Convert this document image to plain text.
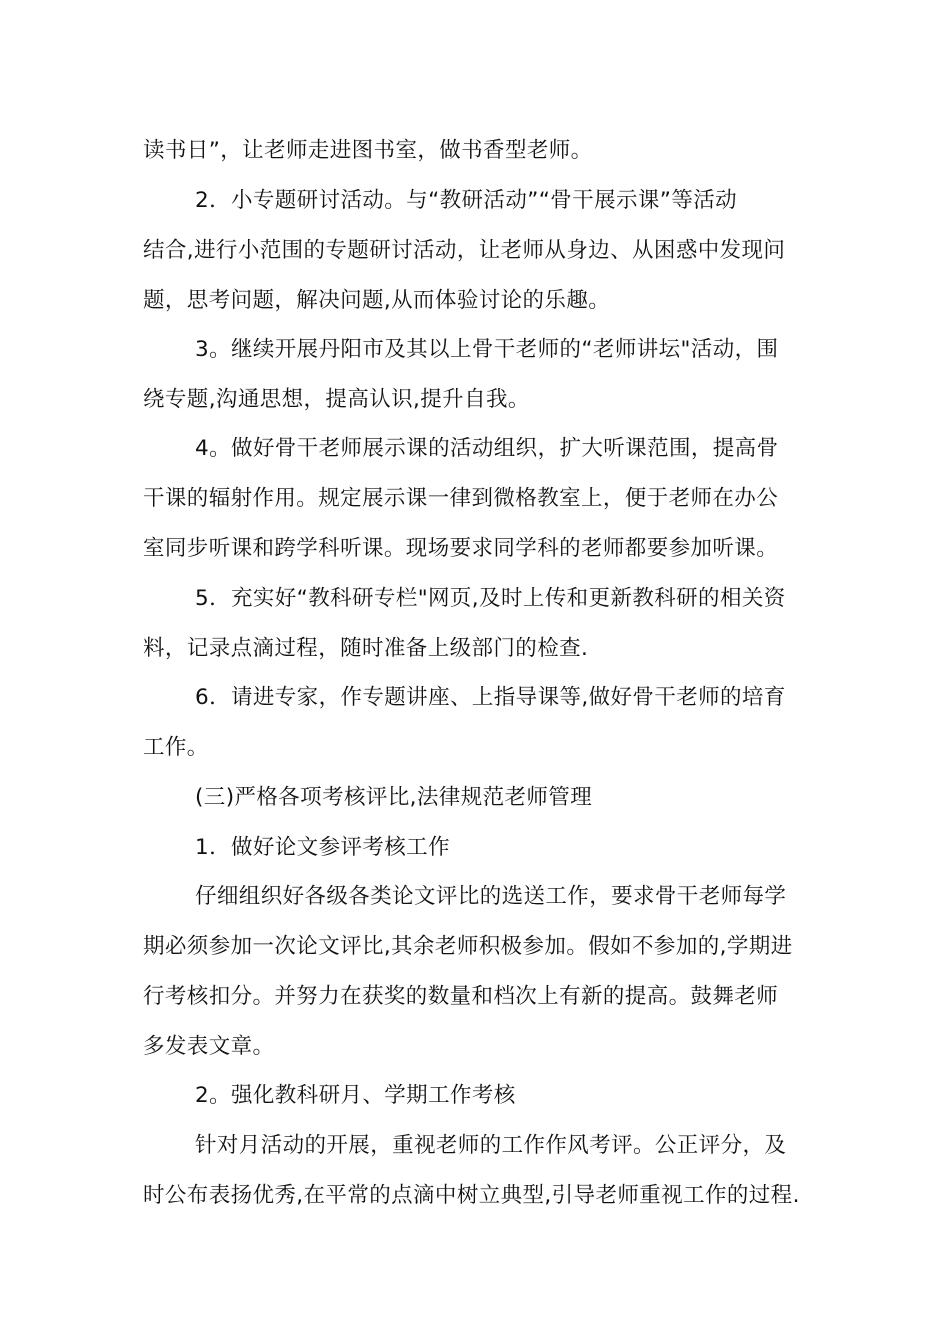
读书日”，让老师走进图书室，做书香型老师。
2．小专题研讨活动。与“教研活动”“骨干展示课”等活动
结合,进行小范围的专题研讨活动，让老师从身边、从困惑中发现问
题，思考问题，解决问题,从而体验讨论的乐趣。
3。继续开展丹阳市及其以上骨干老师的“老师讲坛"活动，围
绕专题,沟通思想，提高认识,提升自我。
4。做好骨干老师展示课的活动组织，扩大听课范围，提高骨
干课的辐射作用。规定展示课一律到微格教室上，便于老师在办公
室同步听课和跨学科听课。现场要求同学科的老师都要参加听课。
5．充实好“教科研专栏"网页,及时上传和更新教科研的相关资
料，记录点滴过程，随时准备上级部门的检查.
6．请进专家，作专题讲座、上指导课等,做好骨干老师的培育
工作。
(三)严格各项考核评比,法律规范老师管理
1．做好论文参评考核工作
仔细组织好各级各类论文评比的选送工作，要求骨干老师每学
期必须参加一次论文评比,其余老师积极参加。假如不参加的,学期进
行考核扣分。并努力在获奖的数量和档次上有新的提高。鼓舞老师
多发表文章。
2。强化教科研月、学期工作考核
针对月活动的开展，重视老师的工作作风考评。公正评分，及
时公布表扬优秀,在平常的点滴中树立典型,引导老师重视工作的过程.
